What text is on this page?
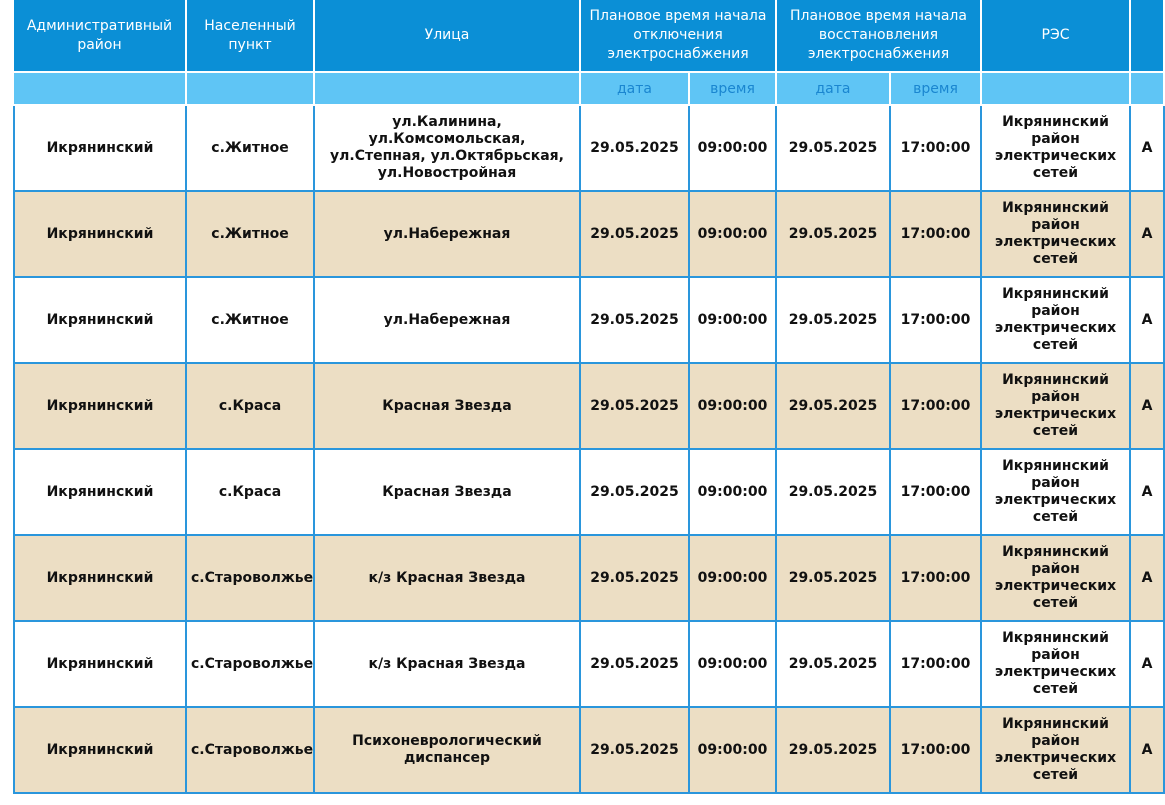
Административный район	Населенный пункт	Улица	Плановое время начала отключения электроснабжения		Плановое время начала восстановления электроснабжения		РЭС	
			дата	время	дата	время		
Икрянинский	с.Житное	ул.Калинина, ул.Комсомольская, ул.Степная, ул.Октябрьская, ул.Новостройная	29.05.2025	09:00:00	29.05.2025	17:00:00	Икрянинский район электрических сетей	А
Икрянинский	с.Житное	ул.Набережная	29.05.2025	09:00:00	29.05.2025	17:00:00	Икрянинский район электрических сетей	А
Икрянинский	с.Житное	ул.Набережная	29.05.2025	09:00:00	29.05.2025	17:00:00	Икрянинский район электрических сетей	А
Икрянинский	с.Краса	Красная Звезда	29.05.2025	09:00:00	29.05.2025	17:00:00	Икрянинский район электрических сетей	А
Икрянинский	с.Краса	Красная Звезда	29.05.2025	09:00:00	29.05.2025	17:00:00	Икрянинский район электрических сетей	А
Икрянинский	с.Староволжье	к/з Красная Звезда	29.05.2025	09:00:00	29.05.2025	17:00:00	Икрянинский район электрических сетей	А
Икрянинский	с.Староволжье	к/з Красная Звезда	29.05.2025	09:00:00	29.05.2025	17:00:00	Икрянинский район электрических сетей	А
Икрянинский	с.Староволжье	Психоневрологический диспансер	29.05.2025	09:00:00	29.05.2025	17:00:00	Икрянинский район электрических сетей	А
